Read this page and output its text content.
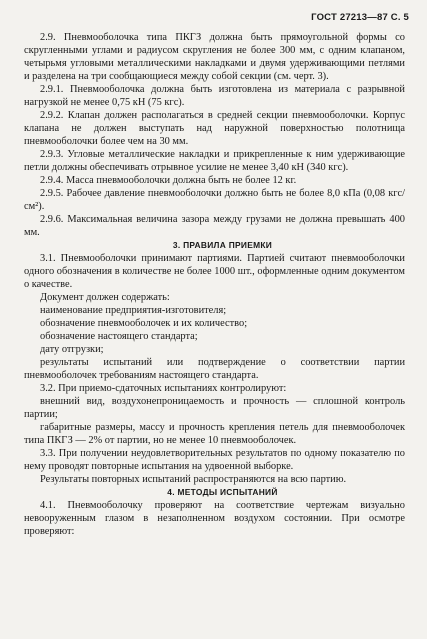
ГОСТ 27213—87 С. 5

2.9. Пневмооболочка типа ПКГЗ должна быть прямоугольной формы со скругленными углами и радиусом скругления не более 300 мм, с одним клапаном, четырьмя угловыми металлическими накладками и двумя удерживающими петлями и разделена на три сообщающиеся между собой секции (см. черт. 3).

2.9.1. Пневмооболочка должна быть изготовлена из материала с разрывной нагрузкой не менее 0,75 кН (75 кгс).

2.9.2. Клапан должен располагаться в средней секции пневмооболочки. Корпус клапана не должен выступать над наружной поверхностью полотнища пневмооболочки более чем на 30 мм.

2.9.3. Угловые металлические накладки и прикрепленные к ним удерживающие петли должны обеспечивать отрывное усилие не менее 3,40 кН (340 кгс).

2.9.4. Масса пневмооболочки должна быть не более 12 кг.

2.9.5. Рабочее давление пневмооболочки должно быть не более 8,0 кПа (0,08 кгс/см²).

2.9.6. Максимальная величина зазора между грузами не должна превышать 400 мм.

3. ПРАВИЛА ПРИЕМКИ

3.1. Пневмооболочки принимают партиями. Партией считают пневмооболочки одного обозначения в количестве не более 1000 шт., оформленные одним документом о качестве.

Документ должен содержать:

наименование предприятия-изготовителя;

обозначение пневмооболочек и их количество;

обозначение настоящего стандарта;

дату отгрузки;

результаты испытаний или подтверждение о соответствии партии пневмооболочек требованиям настоящего стандарта.

3.2. При приемо-сдаточных испытаниях контролируют:

внешний вид, воздухонепроницаемость и прочность — сплошной контроль партии;

габаритные размеры, массу и прочность крепления петель для пневмооболочек типа ПКГЗ — 2% от партии, но не менее 10 пневмооболочек.

3.3. При получении неудовлетворительных результатов по одному показателю по нему проводят повторные испытания на удвоенной выборке.

Результаты повторных испытаний распространяются на всю партию.

4. МЕТОДЫ ИСПЫТАНИЙ

4.1. Пневмооболочку проверяют на соответствие чертежам визуально невооруженным глазом в незаполненном воздухом состоянии. При осмотре проверяют:
